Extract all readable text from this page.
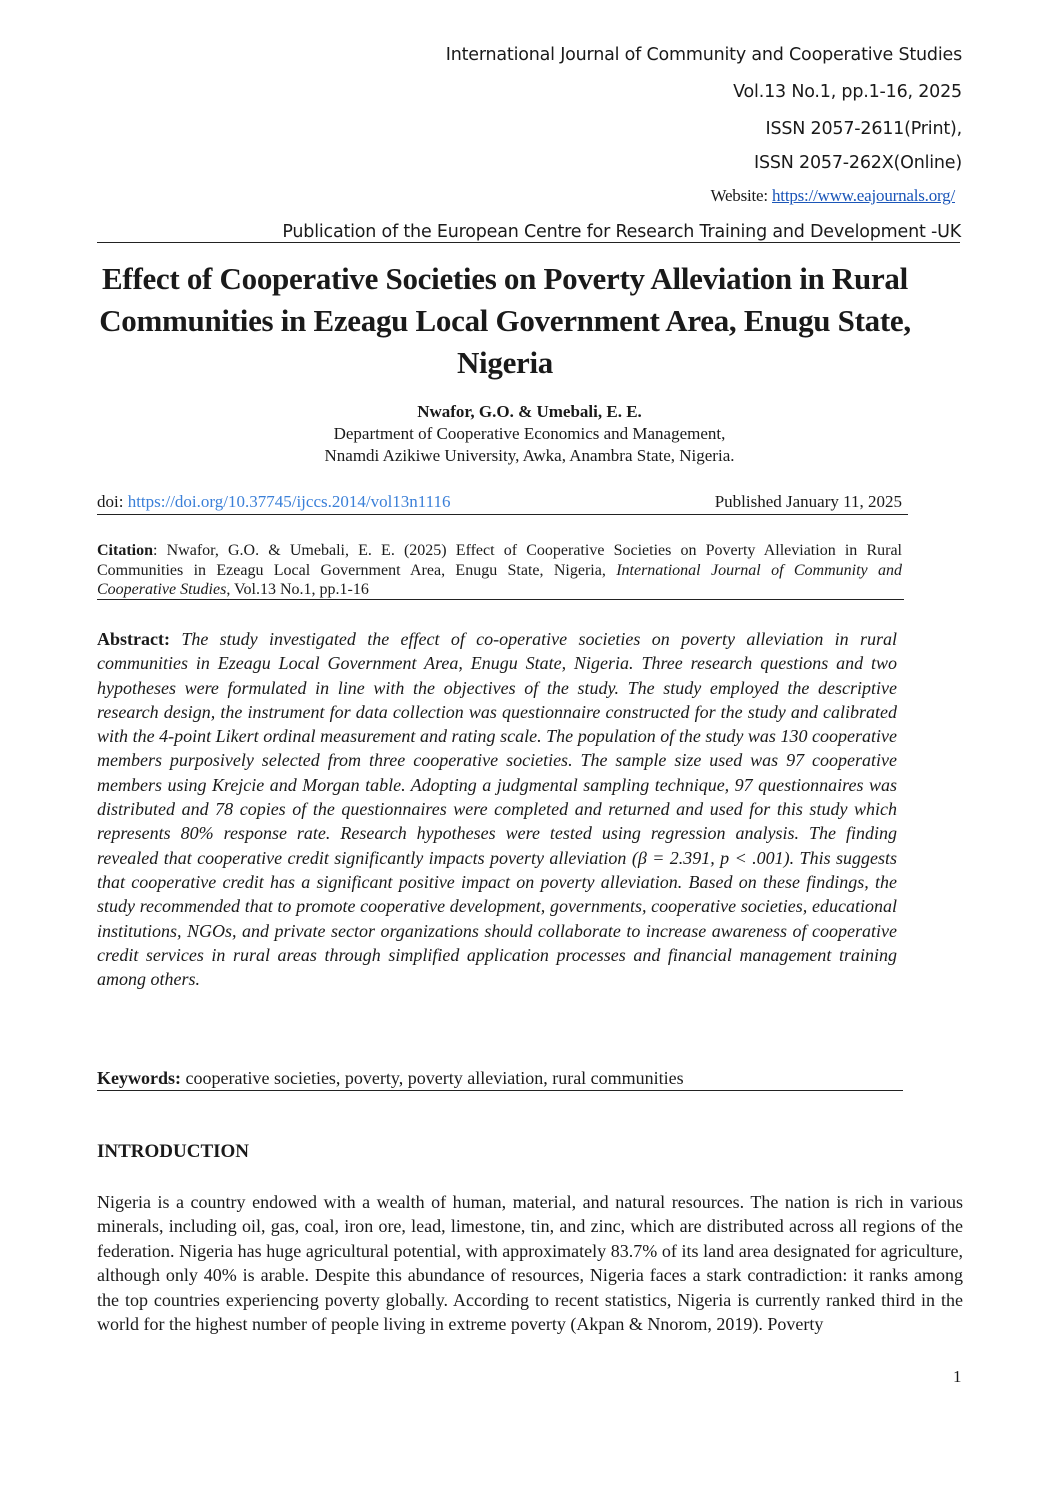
International Journal of Community and Cooperative Studies
Vol.13 No.1, pp.1-16, 2025
ISSN 2057-2611(Print),
ISSN 2057-262X(Online)
Website: https://www.eajournals.org/
Publication of the European Centre for Research Training and Development -UK
Effect of Cooperative Societies on Poverty Alleviation in Rural Communities in Ezeagu Local Government Area, Enugu State, Nigeria
Nwafor, G.O. & Umebali, E. E.
Department of Cooperative Economics and Management,
Nnamdi Azikiwe University, Awka, Anambra State, Nigeria.
doi: https://doi.org/10.37745/ijccs.2014/vol13n1116	Published January 11, 2025
Citation: Nwafor, G.O. & Umebali, E. E. (2025) Effect of Cooperative Societies on Poverty Alleviation in Rural Communities in Ezeagu Local Government Area, Enugu State, Nigeria, International Journal of Community and Cooperative Studies, Vol.13 No.1, pp.1-16
Abstract: The study investigated the effect of co-operative societies on poverty alleviation in rural communities in Ezeagu Local Government Area, Enugu State, Nigeria. Three research questions and two hypotheses were formulated in line with the objectives of the study. The study employed the descriptive research design, the instrument for data collection was questionnaire constructed for the study and calibrated with the 4-point Likert ordinal measurement and rating scale. The population of the study was 130 cooperative members purposively selected from three cooperative societies. The sample size used was 97 cooperative members using Krejcie and Morgan table. Adopting a judgmental sampling technique, 97 questionnaires was distributed and 78 copies of the questionnaires were completed and returned and used for this study which represents 80% response rate. Research hypotheses were tested using regression analysis. The finding revealed that cooperative credit significantly impacts poverty alleviation (β = 2.391, p < .001). This suggests that cooperative credit has a significant positive impact on poverty alleviation. Based on these findings, the study recommended that to promote cooperative development, governments, cooperative societies, educational institutions, NGOs, and private sector organizations should collaborate to increase awareness of cooperative credit services in rural areas through simplified application processes and financial management training among others.
Keywords: cooperative societies, poverty, poverty alleviation, rural communities
INTRODUCTION
Nigeria is a country endowed with a wealth of human, material, and natural resources. The nation is rich in various minerals, including oil, gas, coal, iron ore, lead, limestone, tin, and zinc, which are distributed across all regions of the federation. Nigeria has huge agricultural potential, with approximately 83.7% of its land area designated for agriculture, although only 40% is arable. Despite this abundance of resources, Nigeria faces a stark contradiction: it ranks among the top countries experiencing poverty globally. According to recent statistics, Nigeria is currently ranked third in the world for the highest number of people living in extreme poverty (Akpan & Nnorom, 2019). Poverty
1
